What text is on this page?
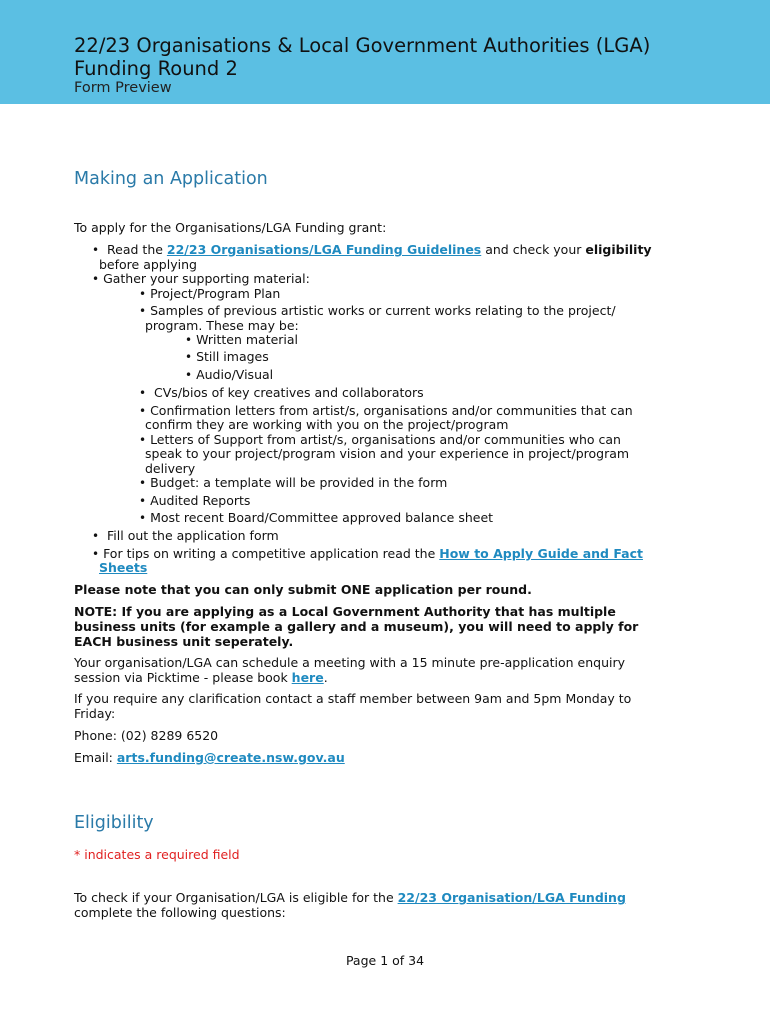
22/23 Organisations & Local Government Authorities (LGA)
Funding Round 2
Form Preview
Making an Application
To apply for the Organisations/LGA Funding grant:
• Read the 22/23 Organisations/LGA Funding Guidelines and check your eligibility
before applying
• Gather your supporting material:
• Project/Program Plan
• Samples of previous artistic works or current works relating to the project/
program. These may be:
• Written material
• Still images
• Audio/Visual
• CVs/bios of key creatives and collaborators
• Confirmation letters from artist/s, organisations and/or communities that can
confirm they are working with you on the project/program
• Letters of Support from artist/s, organisations and/or communities who can
speak to your project/program vision and your experience in project/program
delivery
• Budget: a template will be provided in the form
• Audited Reports
• Most recent Board/Committee approved balance sheet
• Fill out the application form
• For tips on writing a competitive application read the How to Apply Guide and Fact
Sheets
Please note that you can only submit ONE application per round.
NOTE: If you are applying as a Local Government Authority that has multiple
business units (for example a gallery and a museum), you will need to apply for
EACH business unit seperately.
Your organisation/LGA can schedule a meeting with a 15 minute pre-application enquiry
session via Picktime - please book here.
If you require any clarification contact a staff member between 9am and 5pm Monday to
Friday:
Phone: (02) 8289 6520
Email: arts.funding@create.nsw.gov.au
Eligibility
* indicates a required field
To check if your Organisation/LGA is eligible for the 22/23 Organisation/LGA Funding
complete the following questions:
Page 1 of 34
